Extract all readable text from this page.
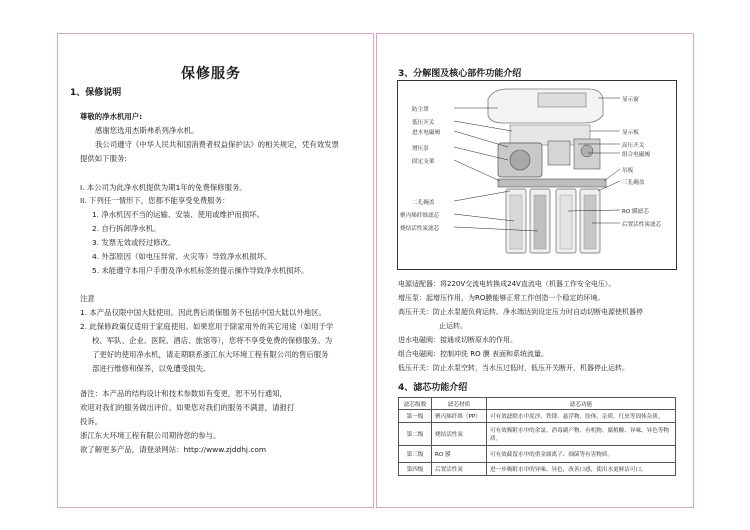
保修服务
1、保修说明
尊敬的净水机用户:
感谢您选用杰斯弗系列净水机。
我公司遵守《中华人民共和国消费者权益保护法》的相关规定，凭有效发票
提供如下服务:
I. 本公司为此净水机提供为期1年的免费保修服务。
II. 下列任一情形下，您都不能享受免费服务：
1. 净水机因不当的运输、安装、使用或维护而损坏。
2. 自行拆卸净水机。
3. 发票无效或经过修改。
4. 外部原因（如电压异常、火灾等）导致净水机损坏。
5. 未能遵守本用户手册及净水机标签的提示操作导致净水机损坏。
注意
1. 本产品仅限中国大陆使用。因此售后质保服务不包括中国大陆以外地区。
2. 此保修政策仅适用于家庭使用。如果您用于除家用外的其它用途（如用于学
校、军队、企业、医院、酒店、旅馆等），您将不享受免费的保修服务。为
了更好的使用净水机，请走期联系浙江东大环境工程有限公司的售后服务
部进行维修和保养，以免遭受损失。
备注：本产品的结构设计和技术参数如有变更，恕不另行通知，
欢迎对我们的服务做出评价。如果您对我们的服务不满意，请报打
投诉。
浙江东大环境工程有限公司期待您的参与。
欲了解更多产品，请登录网站：http://www.zjddhj.com
3、分解图及核心部件功能介绍
防尘罩
低压开关
进水电磁阀
增压泵
固定支架
二孔碗盖
聚丙烯纤维滤芯
烧结活性炭滤芯
显示窗
显示板
高压开关
组合电磁阀
吊板
三孔碗盖
RO 膜滤芯
后置活性炭滤芯
电源适配器：将220V交流电转换成24V直流电（机器工作安全电压）。
增压泵：起增压作用，为RO膜能够正常工作创造一个稳定的环境。
高压开关：防止水泵超负荷运转。净水端达到设定压力时自动切断电源使机器停
止运转。
进水电磁阀：接通或切断原水的作用。
组合电磁阀：控制冲洗 RO 膜 表面和系统流量。
低压开关：防止水泵空转，当水压过低时，低压开关断开，机器停止运转。
4、滤芯功能介绍
滤芯级数	滤芯材质	滤芯功能
第一级	聚丙烯纤维（PP）	可有效滤除水中泥沙、铁锈、悬浮物、胶体、杂质、红虫等固体杂质。
第二级	烧结活性炭	可有效吸附水中的余氯、消毒副产物、有机物、腐植酸、异味、异色等物质。
第三级	RO 膜	可有效截留水中的重金属离子、细菌等有害物质。
第四级	后置活性炭	进一步吸附水中的异味、异色，改善口感，使出水更鲜洁可口。
